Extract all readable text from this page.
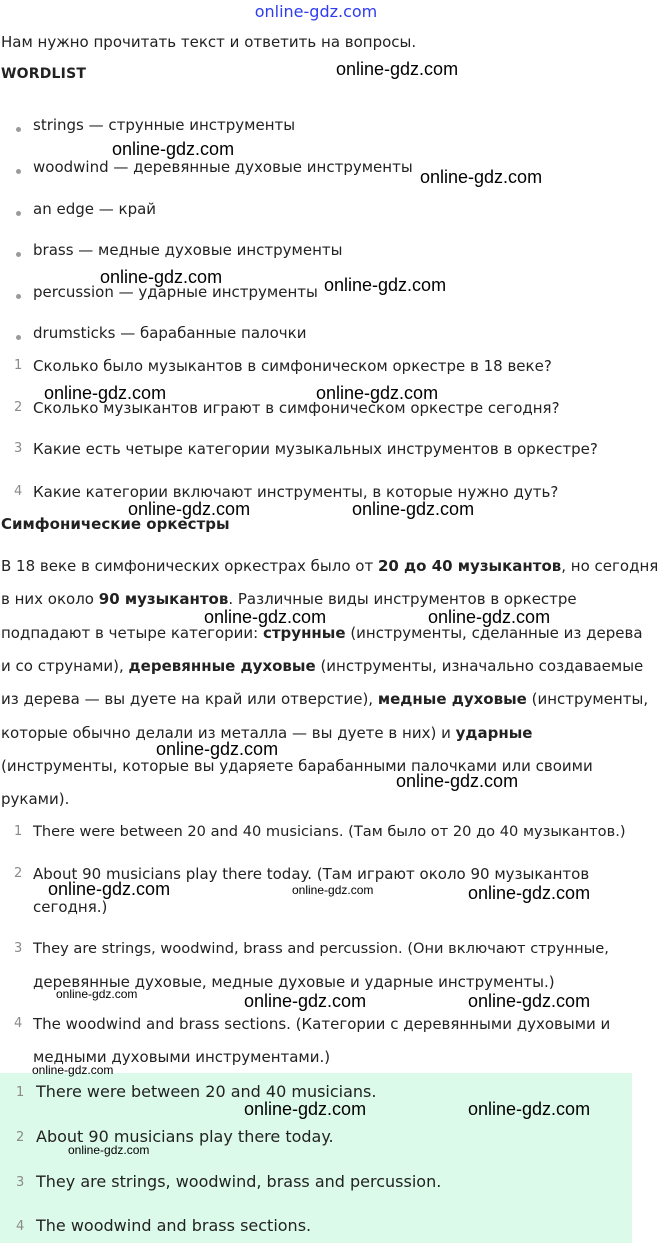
online-gdz.com
Нам нужно прочитать текст и ответить на вопросы.
WORDLIST
strings — струнные инструменты
woodwind — деревянные духовые инструменты
an edge — край
brass — медные духовые инструменты
percussion — ударные инструменты
drumsticks — барабанные палочки
1 Сколько было музыкантов в симфоническом оркестре в 18 веке?
2 Сколько музыкантов играют в симфоническом оркестре сегодня?
3 Какие есть четыре категории музыкальных инструментов в оркестре?
4 Какие категории включают инструменты, в которые нужно дуть?
Симфонические оркестры
В 18 веке в симфонических оркестрах было от 20 до 40 музыкантов, но сегодня
в них около 90 музыкантов. Различные виды инструментов в оркестре
подпадают в четыре категории: струнные (инструменты, сделанные из дерева
и со струнами), деревянные духовые (инструменты, изначально создаваемые
из дерева — вы дуете на край или отверстие), медные духовые (инструменты,
которые обычно делали из металла — вы дуете в них) и ударные
(инструменты, которые вы ударяете барабанными палочками или своими
руками).
1 There were between 20 and 40 musicians. (Там было от 20 до 40 музыкантов.)
2 About 90 musicians play there today. (Там играют около 90 музыкантов
сегодня.)
3 They are strings, woodwind, brass and percussion. (Они включают струнные,
деревянные духовые, медные духовые и ударные инструменты.)
4 The woodwind and brass sections. (Категории с деревянными духовыми и
медными духовыми инструментами.)
1 There were between 20 and 40 musicians.
2 About 90 musicians play there today.
3 They are strings, woodwind, brass and percussion.
4 The woodwind and brass sections.
online-gdz.com
online-gdz.com
online-gdz.com
online-gdz.com	online-gdz.com
online-gdz.com	online-gdz.com
online-gdz.com	online-gdz.com
online-gdz.com	online-gdz.com
online-gdz.com
online-gdz.com
online-gdz.com	online-gdz.com	online-gdz.com
online-gdz.com	online-gdz.com	online-gdz.com
online-gdz.com
online-gdz.com	online-gdz.com
online-gdz.com
